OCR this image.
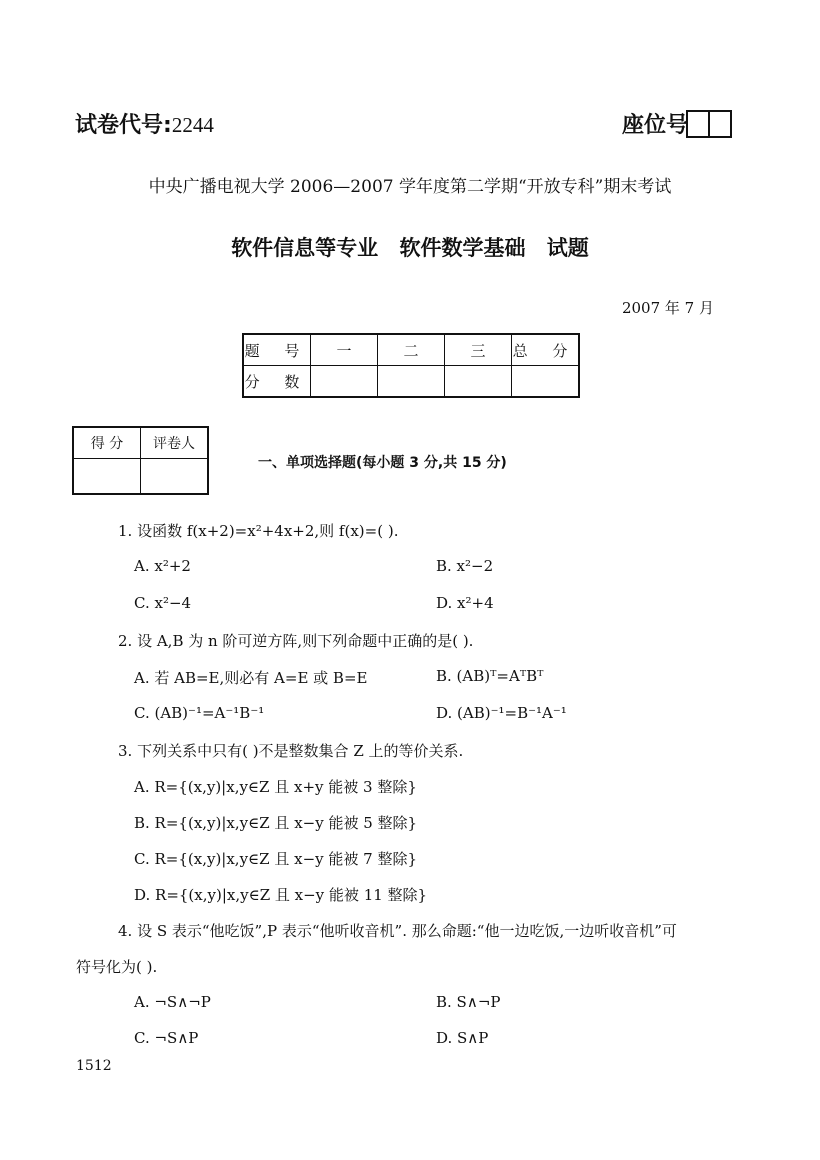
试卷代号:2244	座位号
中央广播电视大学 2006—2007 学年度第二学期“开放专科”期末考试
软件信息等专业 软件数学基础 试题
2007 年 7 月
题 号	一	二	三	总 分
分 数				
得 分	评卷人

一、单项选择题(每小题 3 分,共 15 分)
1. 设函数 f(x+2)=x²+4x+2,则 f(x)=( ).
A. x²+2	B. x²−2
C. x²−4	D. x²+4
2. 设 A,B 为 n 阶可逆方阵,则下列命题中正确的是( ).
A. 若 AB=E,则必有 A=E 或 B=E	B. (AB)ᵀ=AᵀBᵀ
C. (AB)⁻¹=A⁻¹B⁻¹	D. (AB)⁻¹=B⁻¹A⁻¹
3. 下列关系中只有( )不是整数集合 Z 上的等价关系.
A. R={(x,y)|x,y∈Z 且 x+y 能被 3 整除}
B. R={(x,y)|x,y∈Z 且 x−y 能被 5 整除}
C. R={(x,y)|x,y∈Z 且 x−y 能被 7 整除}
D. R={(x,y)|x,y∈Z 且 x−y 能被 11 整除}
4. 设 S 表示“他吃饭”,P 表示“他听收音机”. 那么命题:“他一边吃饭,一边听收音机”可
符号化为( ).
A. ¬S∧¬P	B. S∧¬P
C. ¬S∧P	D. S∧P
1512
